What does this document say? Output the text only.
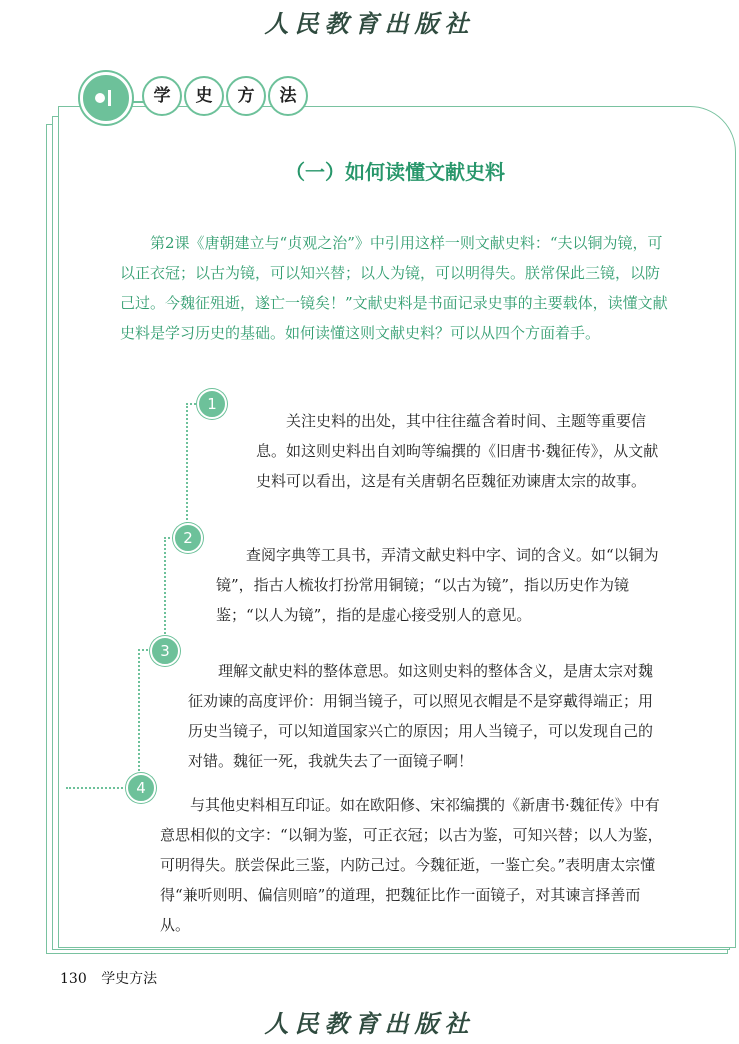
人民教育出版社
学	史	方	法
（一）如何读懂文献史料
第2课《唐朝建立与“贞观之治”》中引用这样一则文献史料：“夫以铜为镜，可以正衣冠；以古为镜，可以知兴替；以人为镜，可以明得失。朕常保此三镜，以防己过。今魏征殂逝，遂亡一镜矣！”文献史料是书面记录史事的主要载体，读懂文献史料是学习历史的基础。如何读懂这则文献史料？可以从四个方面着手。
1
2
3
4
关注史料的出处，其中往往蕴含着时间、主题等重要信息。如这则史料出自刘昫等编撰的《旧唐书·魏征传》，从文献史料可以看出，这是有关唐朝名臣魏征劝谏唐太宗的故事。
查阅字典等工具书，弄清文献史料中字、词的含义。如“以铜为镜”，指古人梳妆打扮常用铜镜；“以古为镜”，指以历史作为镜鉴；“以人为镜”，指的是虚心接受别人的意见。
理解文献史料的整体意思。如这则史料的整体含义，是唐太宗对魏征劝谏的高度评价：用铜当镜子，可以照见衣帽是不是穿戴得端正；用历史当镜子，可以知道国家兴亡的原因；用人当镜子，可以发现自己的对错。魏征一死，我就失去了一面镜子啊！
与其他史料相互印证。如在欧阳修、宋祁编撰的《新唐书·魏征传》中有意思相似的文字：“以铜为鉴，可正衣冠；以古为鉴，可知兴替；以人为鉴，可明得失。朕尝保此三鉴，内防己过。今魏征逝，一鉴亡矣。”表明唐太宗懂得“兼听则明、偏信则暗”的道理，把魏征比作一面镜子，对其谏言择善而从。
130 学史方法
人民教育出版社
